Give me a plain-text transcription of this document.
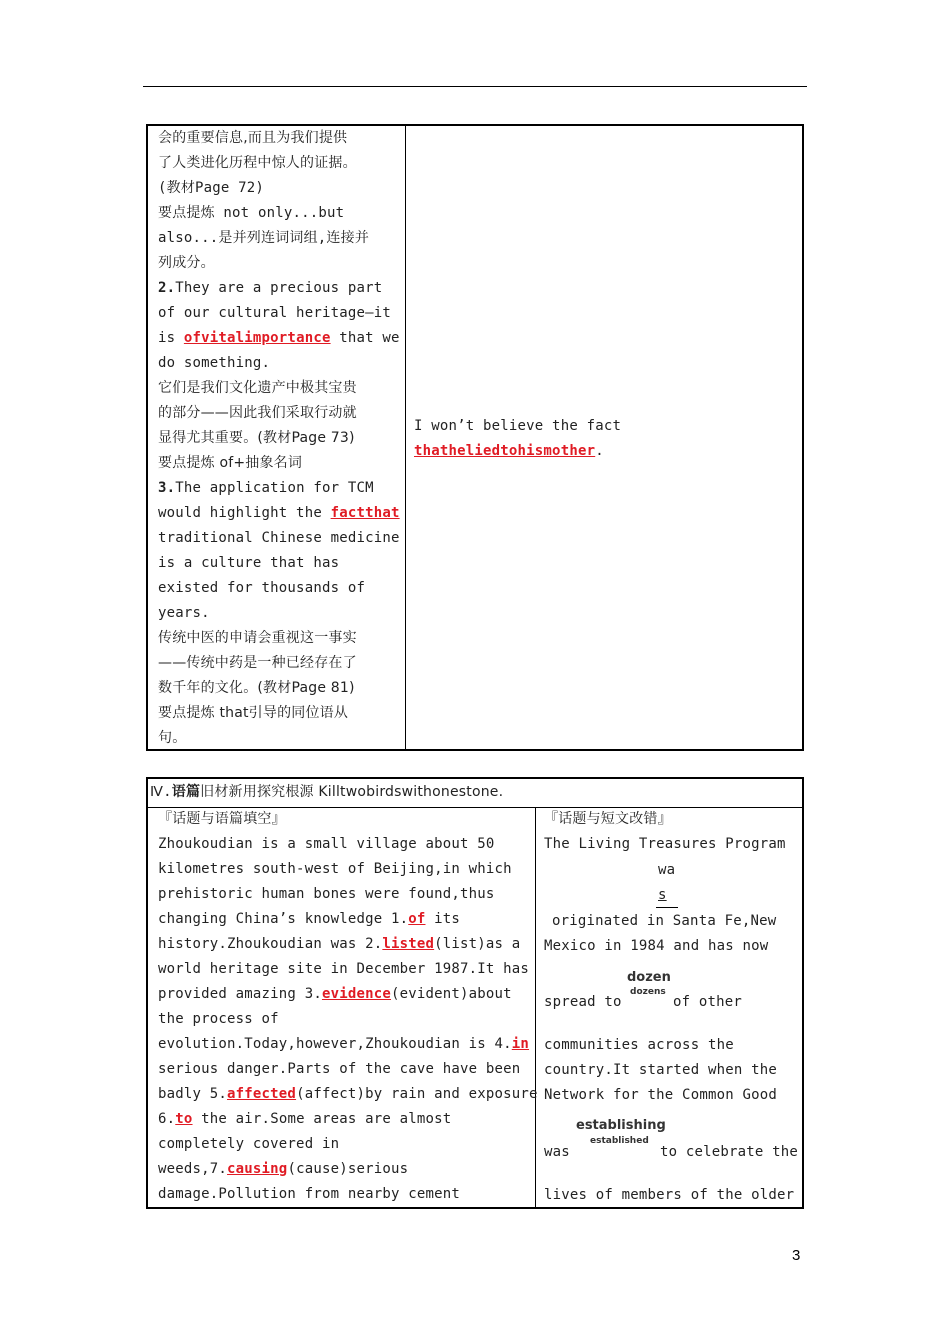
会的重要信息,而且为我们提供
了人类进化历程中惊人的证据。
(教材Page 72)
要点提炼 not only...but
also...是并列连词词组,连接并
列成分。
2.They are a precious part
of our cultural heritage—it
is ofvitalimportance that we
do something.
它们是我们文化遗产中极其宝贵
的部分——因此我们采取行动就
显得尤其重要。(教材Page 73)
要点提炼 of+抽象名词
3.The application for TCM
would highlight the factthat
traditional Chinese medicine
is a culture that has
existed for thousands of
years.
传统中医的申请会重视这一事实
——传统中药是一种已经存在了
数千年的文化。(教材Page 81)
要点提炼 that引导的同位语从
句。
I won’t believe the fact
thatheliedtohismother.
Ⅳ.语篇旧材新用探究根源 Killtwobirdswithonestone.
『话题与语篇填空』
Zhoukoudian is a small village about 50
kilometres south-west of Beijing,in which
prehistoric human bones were found,thus
changing China’s knowledge 1.of its
history.Zhoukoudian was 2.listed(list)as a
world heritage site in December 1987.It has
provided amazing 3.evidence(evident)about
the process of
evolution.Today,however,Zhoukoudian is 4.in
serious danger.Parts of the cave have been
badly 5.affected(affect)by rain and exposure
6.to the air.Some areas are almost
completely covered in
weeds,7.causing(cause)serious
damage.Pollution from nearby cement
『话题与短文改错』
The Living Treasures Program
wa
s
originated in Santa Fe,New
Mexico in 1984 and has now
dozen
dozens
spread to	of other
communities across the
country.It started when the
Network for the Common Good
establishing
established
was	to celebrate the
lives of members of the older
3
